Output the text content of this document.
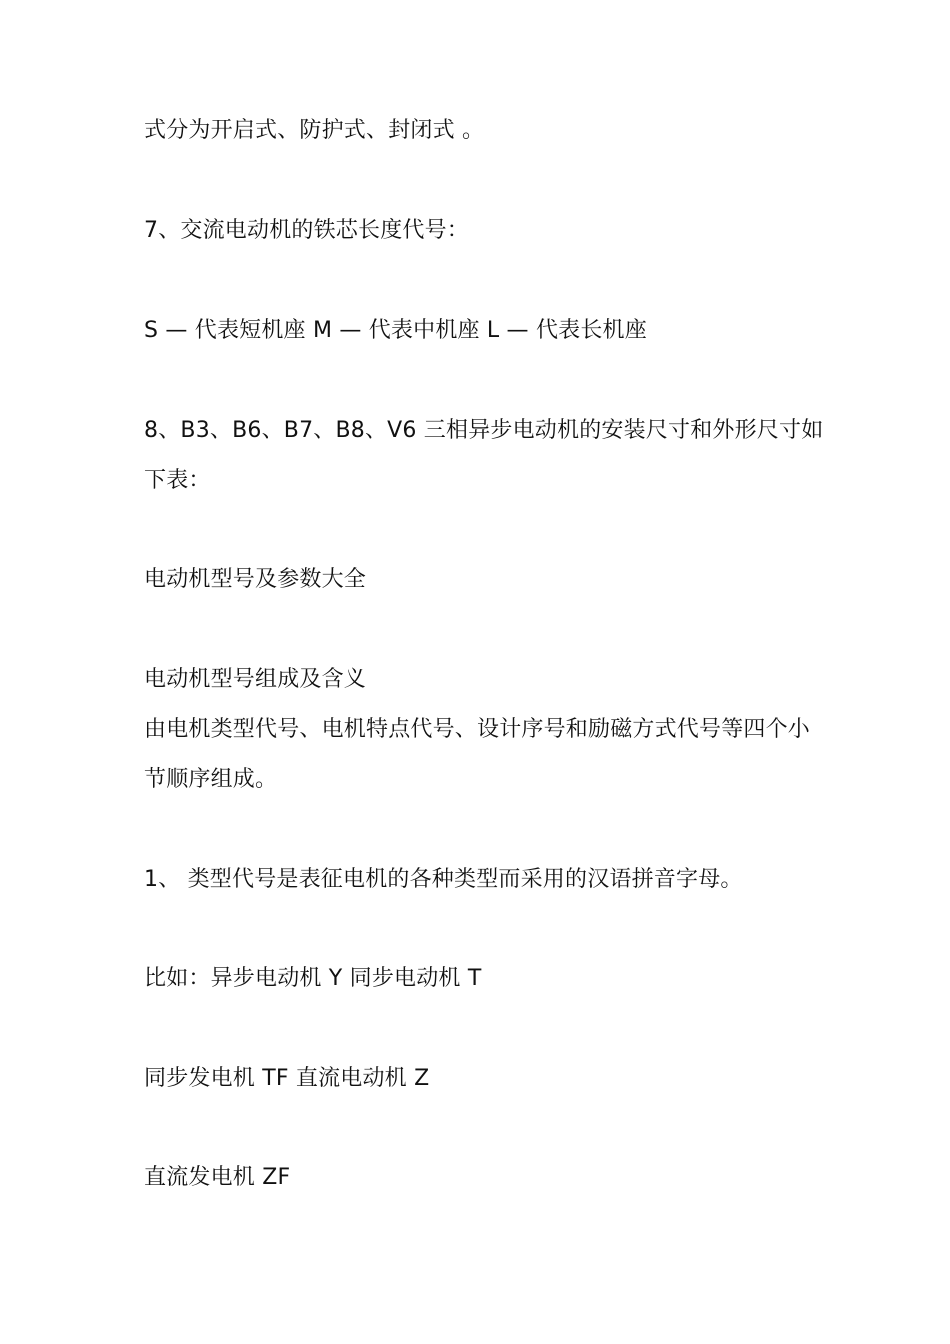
式分为开启式、防护式、封闭式 。
7、交流电动机的铁芯长度代号：
S — 代表短机座 M — 代表中机座 L — 代表长机座
8、B3、B6、B7、B8、V6 三相异步电动机的安装尺寸和外形尺寸如
下表：
电动机型号及参数大全
电动机型号组成及含义
由电机类型代号、电机特点代号、设计序号和励磁方式代号等四个小
节顺序组成。
1、 类型代号是表征电机的各种类型而采用的汉语拼音字母。
比如：异步电动机 Y 同步电动机 T
同步发电机 TF 直流电动机 Z
直流发电机 ZF
